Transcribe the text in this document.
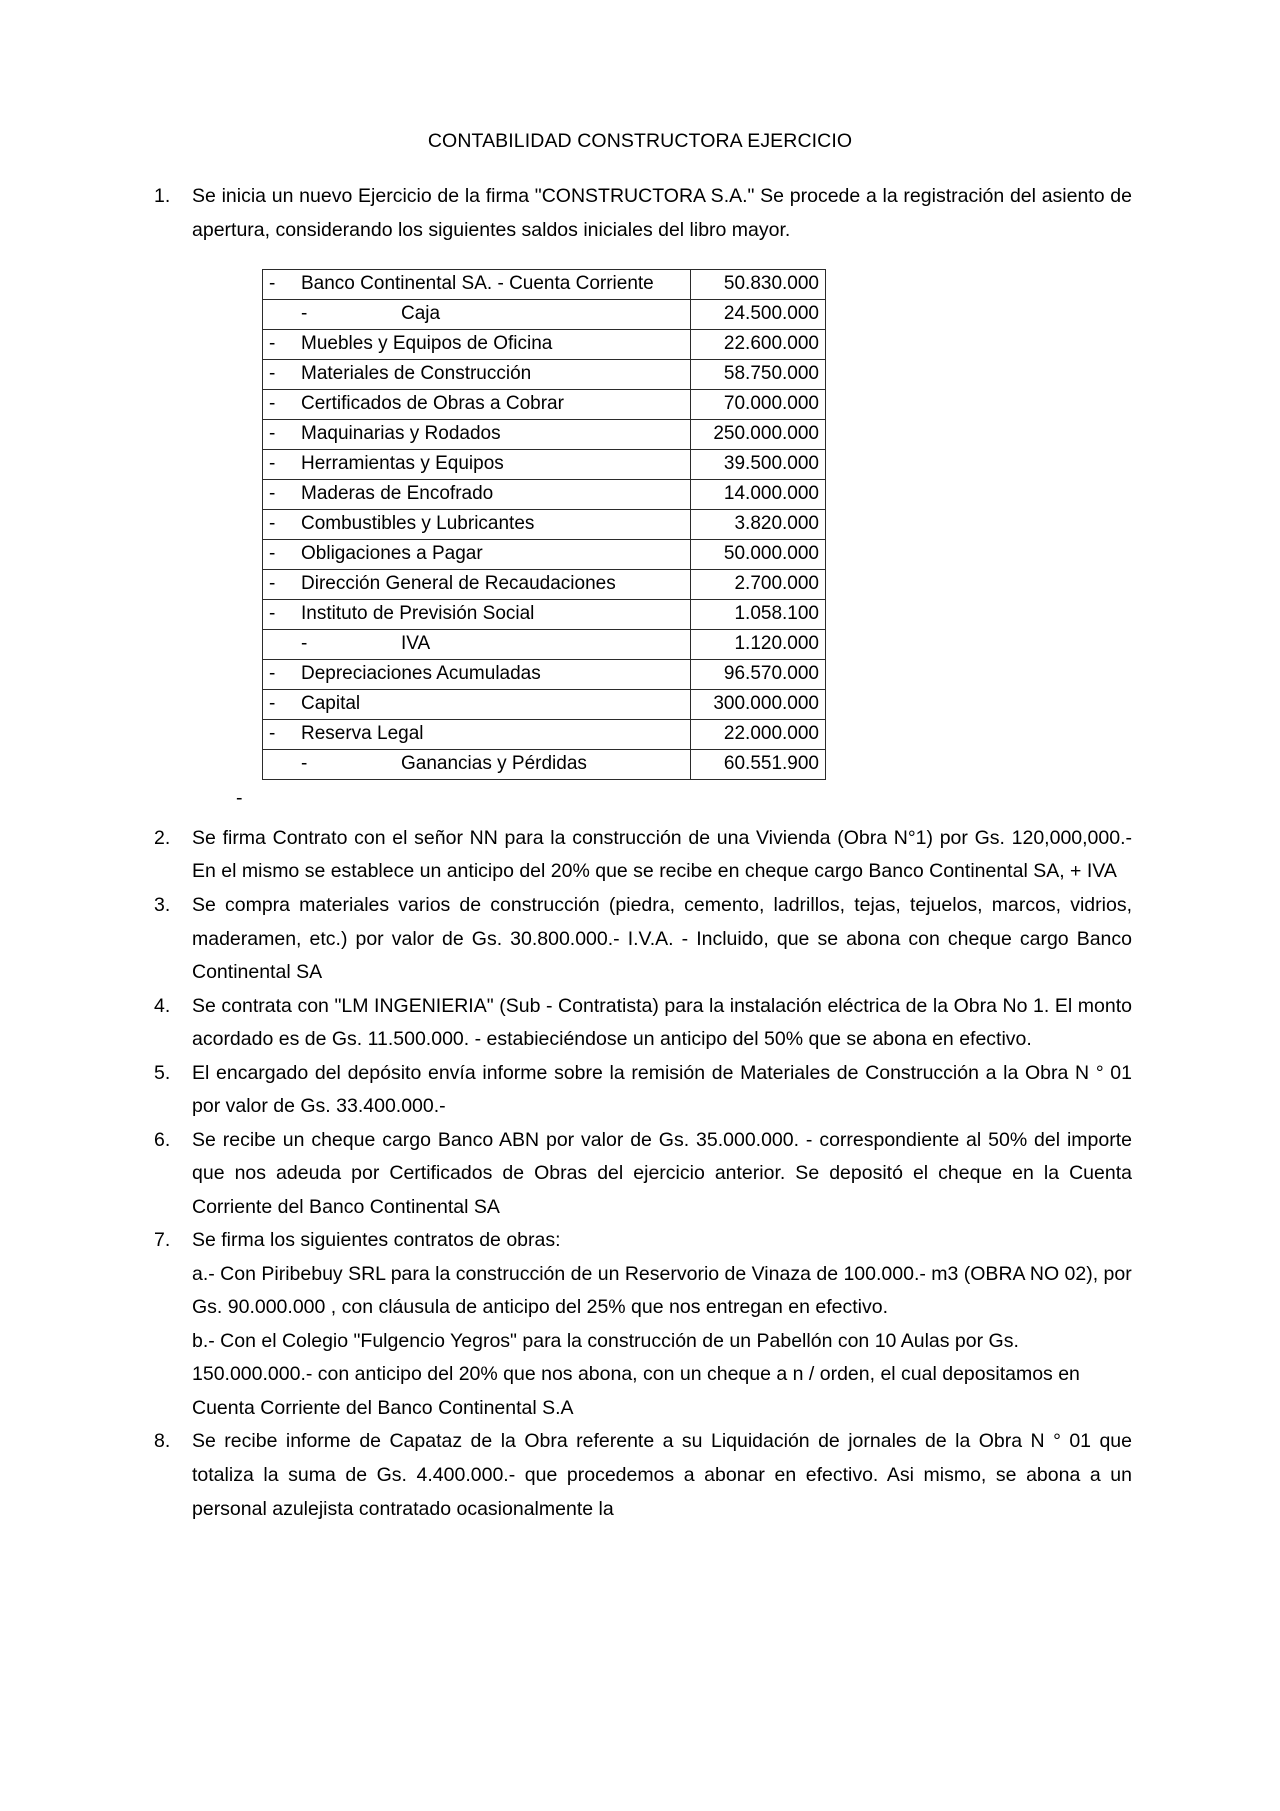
CONTABILIDAD CONSTRUCTORA EJERCICIO

Se inicia un nuevo Ejercicio de la firma "CONSTRUCTORA S.A." Se procede a la registración del asiento de apertura, considerando los siguientes saldos iniciales del libro mayor.

- Banco Continental SA. - Cuenta Corriente	50.830.000
- Caja	24.500.000
- Muebles y Equipos de Oficina	22.600.000
- Materiales de Construcción	58.750.000
- Certificados de Obras a Cobrar	70.000.000
- Maquinarias y Rodados	250.000.000
- Herramientas y Equipos	39.500.000
- Maderas de Encofrado	14.000.000
- Combustibles y Lubricantes	3.820.000
- Obligaciones a Pagar	50.000.000
- Dirección General de Recaudaciones	2.700.000
- Instituto de Previsión Social	1.058.100
- IVA	1.120.000
- Depreciaciones Acumuladas	96.570.000
- Capital	300.000.000
- Reserva Legal	22.000.000
- Ganancias y Pérdidas	60.551.900

-

Se firma Contrato con el señor NN para la construcción de una Vivienda (Obra N°1) por Gs. 120,000,000.- En el mismo se establece un anticipo del 20% que se recibe en cheque cargo Banco Continental SA, + IVA

Se compra materiales varios de construcción (piedra, cemento, ladrillos, tejas, tejuelos, marcos, vidrios, maderamen, etc.) por valor de Gs. 30.800.000.- I.V.A. - Incluido, que se abona con cheque cargo Banco Continental SA

Se contrata con "LM INGENIERIA" (Sub - Contratista) para la instalación eléctrica de la Obra No 1. El monto acordado es de Gs. 11.500.000. - estabieciéndose un anticipo del 50% que se abona en efectivo.

El encargado del depósito envía informe sobre la remisión de Materiales de Construcción a la Obra N ° 01 por valor de Gs. 33.400.000.-

Se recibe un cheque cargo Banco ABN por valor de Gs. 35.000.000. - correspondiente al 50% del importe que nos adeuda por Certificados de Obras del ejercicio anterior. Se depositó el cheque en la Cuenta Corriente del Banco Continental SA

Se firma los siguientes contratos de obras:

a.- Con Piribebuy SRL para la construcción de un Reservorio de Vinaza de 100.000.- m3 (OBRA NO 02), por Gs. 90.000.000 , con cláusula de anticipo del 25% que nos entregan en efectivo.

b.- Con el Colegio "Fulgencio Yegros" para la construcción de un Pabellón con 10 Aulas por Gs. 150.000.000.- con anticipo del 20% que nos abona, con un cheque a n / orden, el cual depositamos en Cuenta Corriente del Banco Continental S.A

Se recibe informe de Capataz de la Obra referente a su Liquidación de jornales de la Obra N ° 01 que totaliza la suma de Gs. 4.400.000.- que procedemos a abonar en efectivo. Asi mismo, se abona a un personal azulejista contratado ocasionalmente la
